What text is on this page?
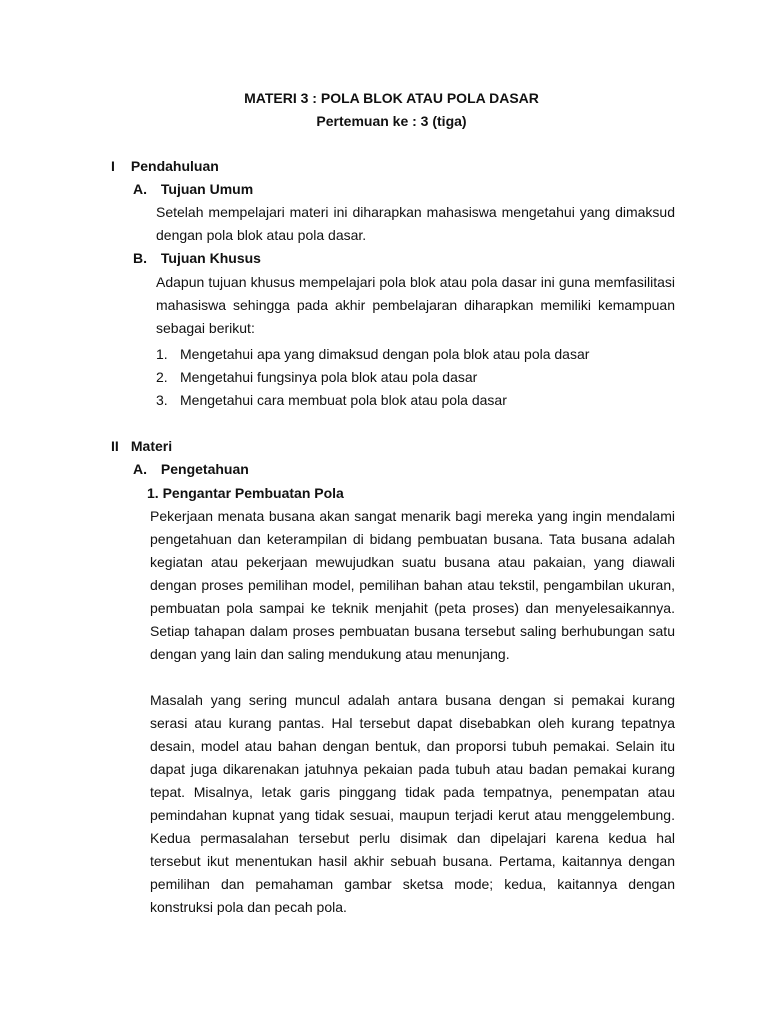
MATERI 3 : POLA BLOK ATAU POLA DASAR
Pertemuan ke : 3 (tiga)
I Pendahuluan
A. Tujuan Umum

Setelah mempelajari materi ini diharapkan mahasiswa mengetahui yang dimaksud dengan pola blok atau pola dasar.

B. Tujuan Khusus

Adapun tujuan khusus mempelajari pola blok atau pola dasar ini guna memfasilitasi mahasiswa sehingga pada akhir pembelajaran diharapkan memiliki kemampuan sebagai berikut:

1. Mengetahui apa yang dimaksud dengan pola blok atau pola dasar
2. Mengetahui fungsinya pola blok atau pola dasar
3. Mengetahui cara membuat pola blok atau pola dasar
II Materi
A. Pengetahuan
1. Pengantar Pembuatan Pola

Pekerjaan menata busana akan sangat menarik bagi mereka yang ingin mendalami pengetahuan dan keterampilan di bidang pembuatan busana. Tata busana adalah kegiatan atau pekerjaan mewujudkan suatu busana atau pakaian, yang diawali dengan proses pemilihan model, pemilihan bahan atau tekstil, pengambilan ukuran, pembuatan pola sampai ke teknik menjahit (peta proses) dan menyelesaikannya. Setiap tahapan dalam proses pembuatan busana tersebut saling berhubungan satu dengan yang lain dan saling mendukung atau menunjang.

Masalah yang sering muncul adalah antara busana dengan si pemakai kurang serasi atau kurang pantas. Hal tersebut dapat disebabkan oleh kurang tepatnya desain, model atau bahan dengan bentuk, dan proporsi tubuh pemakai. Selain itu dapat juga dikarenakan jatuhnya pekaian pada tubuh atau badan pemakai kurang tepat. Misalnya, letak garis pinggang tidak pada tempatnya, penempatan atau pemindahan kupnat yang tidak sesuai, maupun terjadi kerut atau menggelembung. Kedua permasalahan tersebut perlu disimak dan dipelajari karena kedua hal tersebut ikut menentukan hasil akhir sebuah busana. Pertama, kaitannya dengan pemilihan dan pemahaman gambar sketsa mode; kedua, kaitannya dengan konstruksi pola dan pecah pola.
